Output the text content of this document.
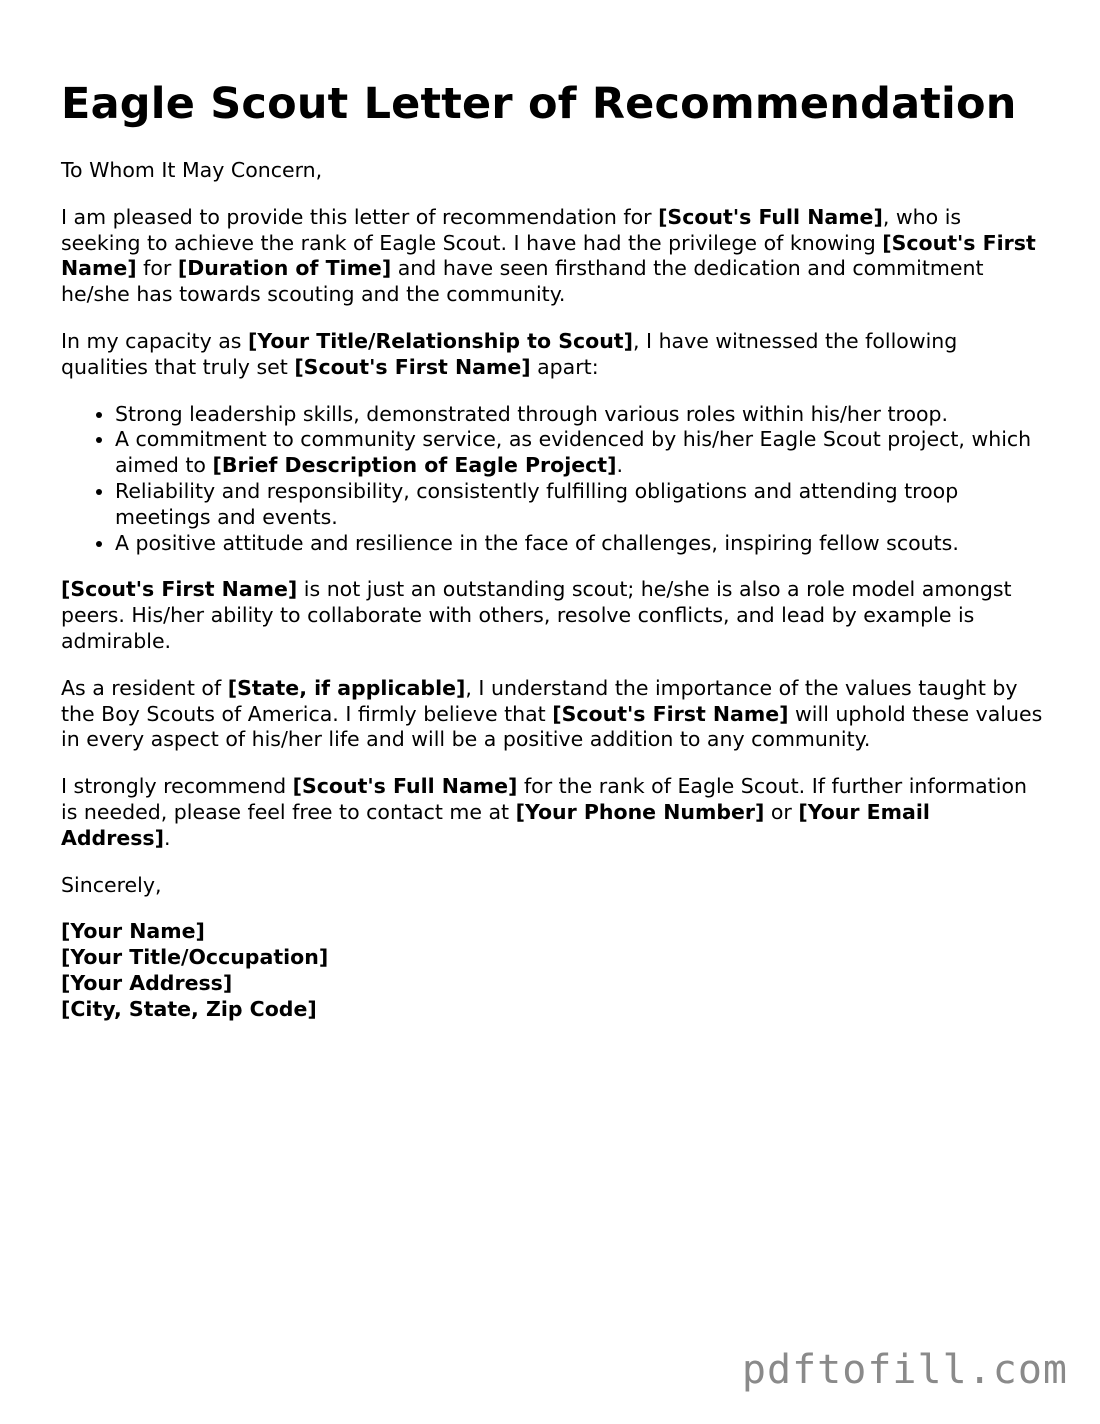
Eagle Scout Letter of Recommendation

To Whom It May Concern,

I am pleased to provide this letter of recommendation for [Scout's Full Name], who is seeking to achieve the rank of Eagle Scout. I have had the privilege of knowing [Scout's First Name] for [Duration of Time] and have seen firsthand the dedication and commitment he/she has towards scouting and the community.

In my capacity as [Your Title/Relationship to Scout], I have witnessed the following qualities that truly set [Scout's First Name] apart:

• Strong leadership skills, demonstrated through various roles within his/her troop.
• A commitment to community service, as evidenced by his/her Eagle Scout project, which aimed to [Brief Description of Eagle Project].
• Reliability and responsibility, consistently fulfilling obligations and attending troop meetings and events.
• A positive attitude and resilience in the face of challenges, inspiring fellow scouts.

[Scout's First Name] is not just an outstanding scout; he/she is also a role model amongst peers. His/her ability to collaborate with others, resolve conflicts, and lead by example is admirable.

As a resident of [State, if applicable], I understand the importance of the values taught by the Boy Scouts of America. I firmly believe that [Scout's First Name] will uphold these values in every aspect of his/her life and will be a positive addition to any community.

I strongly recommend [Scout's Full Name] for the rank of Eagle Scout. If further information is needed, please feel free to contact me at [Your Phone Number] or [Your Email Address].

Sincerely,

[Your Name]
[Your Title/Occupation]
[Your Address]
[City, State, Zip Code]
pdftofill.com
